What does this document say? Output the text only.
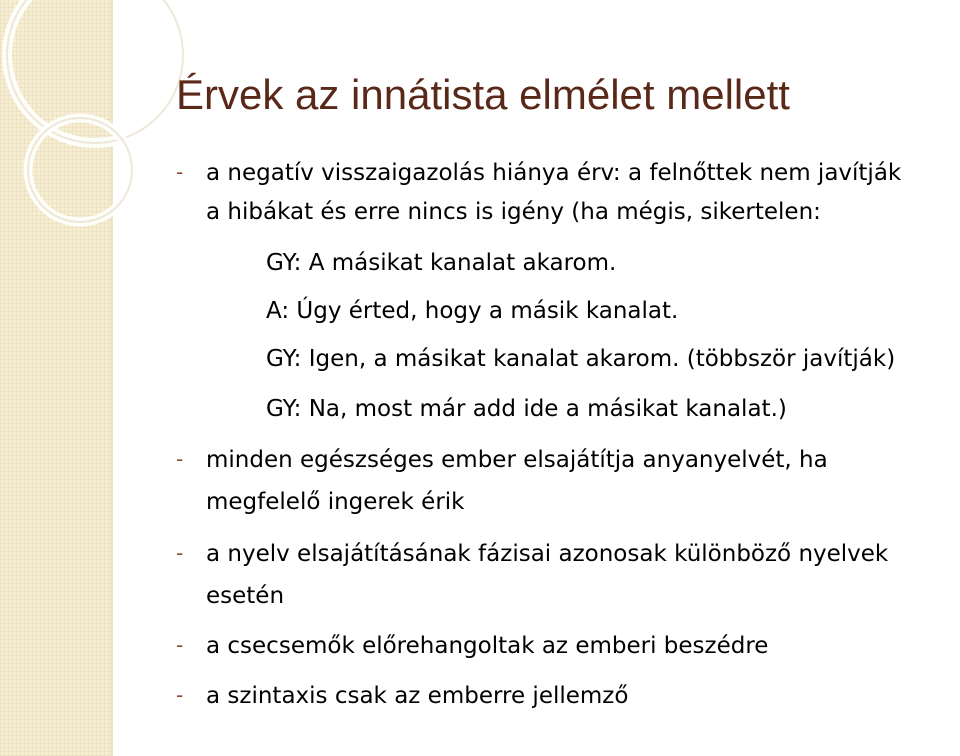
Érvek az innátista elmélet mellett
- a negatív visszaigazolás hiánya érv: a felnőttek nem javítják
a hibákat és erre nincs is igény (ha mégis, sikertelen:
GY: A másikat kanalat akarom.
A: Úgy érted, hogy a másik kanalat.
GY: Igen, a másikat kanalat akarom. (többször javítják)
GY: Na, most már add ide a másikat kanalat.)
- minden egészséges ember elsajátítja anyanyelvét, ha
megfelelő ingerek érik
- a nyelv elsajátításának fázisai azonosak különböző nyelvek
esetén
- a csecsemők előrehangoltak az emberi beszédre
- a szintaxis csak az emberre jellemző
